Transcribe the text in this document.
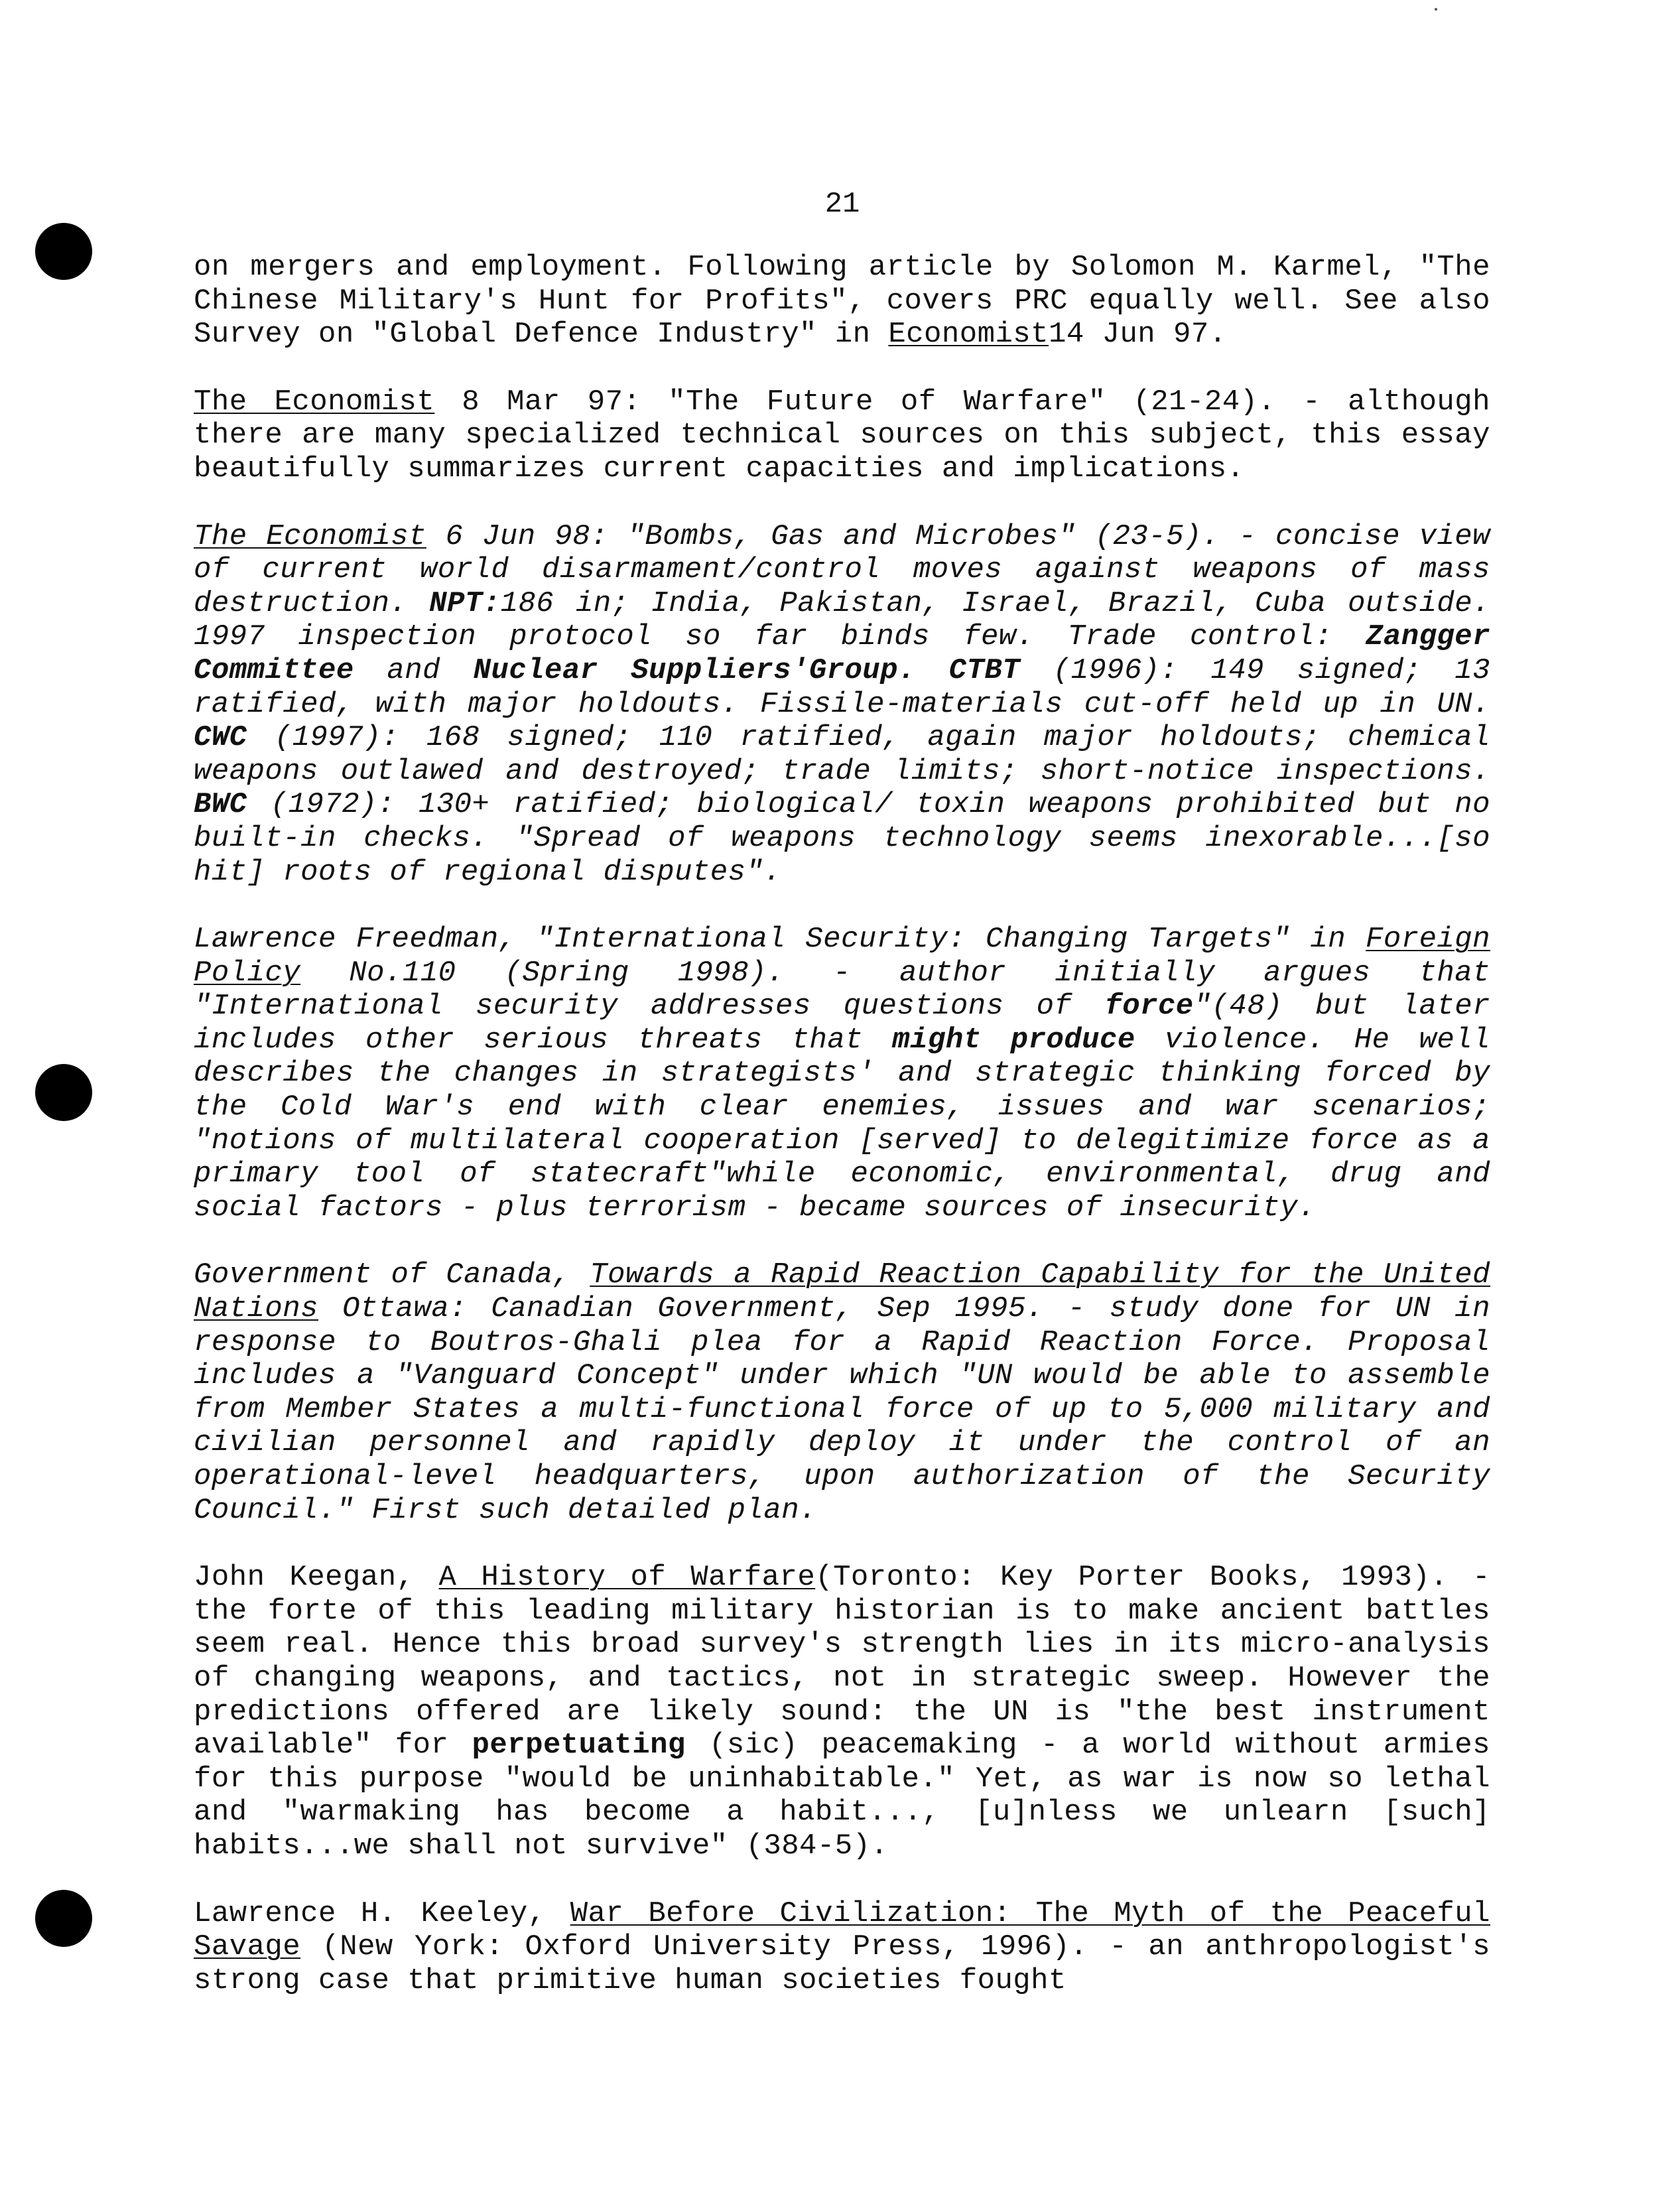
21

on mergers and employment. Following article by Solomon M. Karmel, "The Chinese Military's Hunt for Profits", covers PRC equally well. See also Survey on "Global Defence Industry" in Economist14 Jun 97.

The Economist 8 Mar 97: "The Future of Warfare" (21-24). - although there are many specialized technical sources on this subject, this essay beautifully summarizes current capacities and implications.

The Economist 6 Jun 98: "Bombs, Gas and Microbes" (23-5). - concise view of current world disarmament/control moves against weapons of mass destruction. NPT:186 in; India, Pakistan, Israel, Brazil, Cuba outside. 1997 inspection protocol so far binds few. Trade control: Zangger Committee and Nuclear Suppliers'Group. CTBT (1996): 149 signed; 13 ratified, with major holdouts. Fissile-materials cut-off held up in UN. CWC (1997): 168 signed; 110 ratified, again major holdouts; chemical weapons outlawed and destroyed; trade limits; short-notice inspections. BWC (1972): 130+ ratified; biological/ toxin weapons prohibited but no built-in checks. "Spread of weapons technology seems inexorable...[so hit] roots of regional disputes".

Lawrence Freedman, "International Security: Changing Targets" in Foreign Policy No.110 (Spring 1998). - author initially argues that "International security addresses questions of force"(48) but later includes other serious threats that might produce violence. He well describes the changes in strategists' and strategic thinking forced by the Cold War's end with clear enemies, issues and war scenarios; "notions of multilateral cooperation [served] to delegitimize force as a primary tool of statecraft"while economic, environmental, drug and social factors - plus terrorism - became sources of insecurity.

Government of Canada, Towards a Rapid Reaction Capability for the United Nations Ottawa: Canadian Government, Sep 1995. - study done for UN in response to Boutros-Ghali plea for a Rapid Reaction Force. Proposal includes a "Vanguard Concept" under which "UN would be able to assemble from Member States a multi-functional force of up to 5,000 military and civilian personnel and rapidly deploy it under the control of an operational-level headquarters, upon authorization of the Security Council." First such detailed plan.

John Keegan, A History of Warfare(Toronto: Key Porter Books, 1993). - the forte of this leading military historian is to make ancient battles seem real. Hence this broad survey's strength lies in its micro-analysis of changing weapons, and tactics, not in strategic sweep. However the predictions offered are likely sound: the UN is "the best instrument available" for perpetuating (sic) peacemaking - a world without armies for this purpose "would be uninhabitable." Yet, as war is now so lethal and "warmaking has become a habit..., [u]nless we unlearn [such] habits...we shall not survive" (384-5).

Lawrence H. Keeley, War Before Civilization: The Myth of the Peaceful Savage (New York: Oxford University Press, 1996). - an anthropologist's strong case that primitive human societies fought
